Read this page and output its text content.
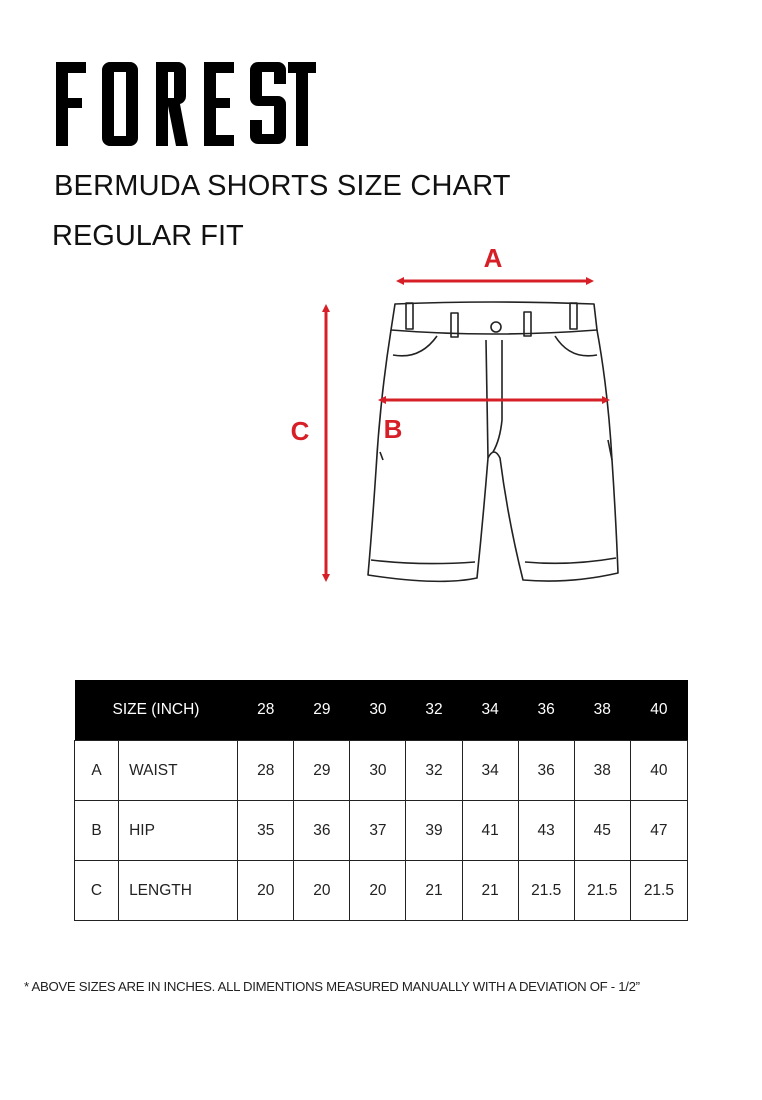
BERMUDA SHORTS SIZE CHART
REGULAR FIT
A
B
C
SIZE (INCH)		28	29	30	32	34	36	38	40
A	WAIST	28	29	30	32	34	36	38	40
B	HIP	35	36	37	39	41	43	45	47
C	LENGTH	20	20	20	21	21	21.5	21.5	21.5
* ABOVE SIZES ARE IN INCHES. ALL DIMENTIONS MEASURED MANUALLY WITH A DEVIATION OF - 1/2”
